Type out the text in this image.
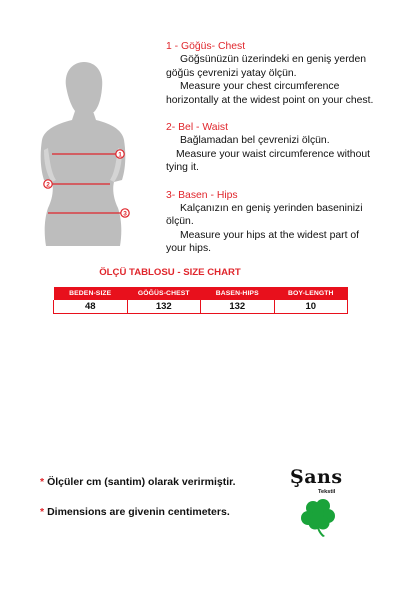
1
2
3
1 - Göğüs- Chest
Göğsünüzün üzerindeki en geniş yerden
göğüs çevrenizi yatay ölçün.
Measure your chest circumference
horizontally at the widest point on your chest.
2- Bel - Waist
Bağlamadan bel çevrenizi ölçün.
Measure your waist circumference without
tying it.
3- Basen - Hips
Kalçanızın en geniş yerinden baseninizi
ölçün.
Measure your hips at the widest part of
your hips.
ÖLÇÜ TABLOSU - SIZE CHART
BEDEN-SIZE	GÖĞÜS-CHEST	BASEN-HIPS	BOY-LENGTH
48	132	132	10
* Ölçüler cm (santim) olarak verirmiştir.
* Dimensions are givenin centimeters.
Şans
Tekstil
